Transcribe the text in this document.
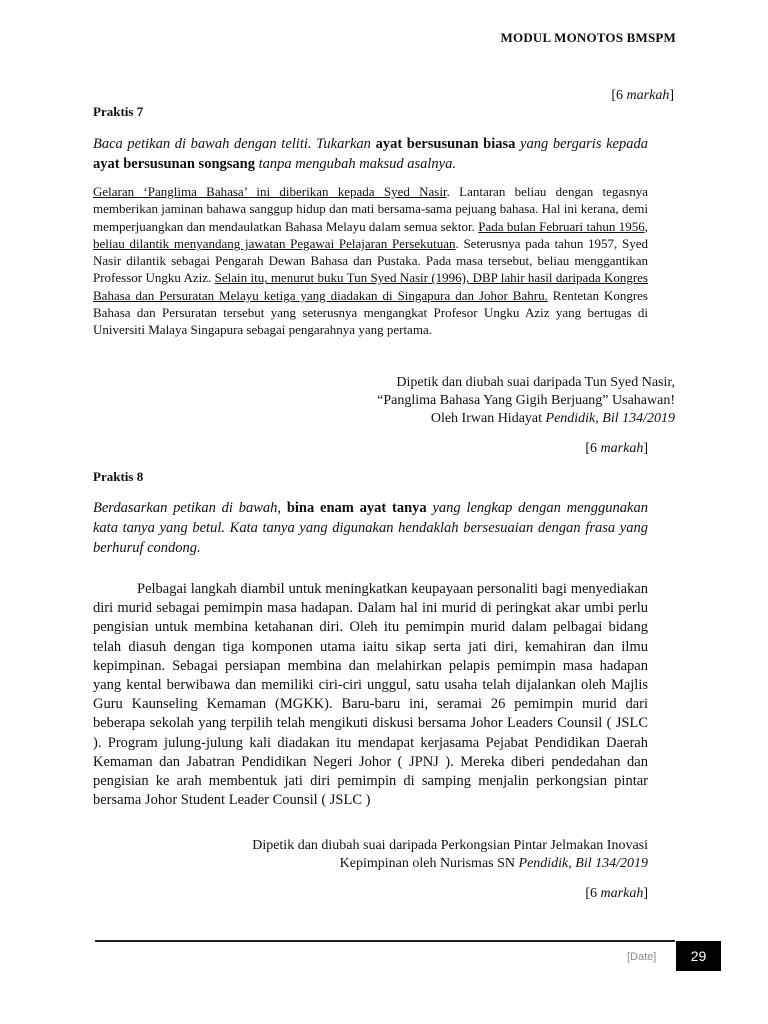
MODUL MONOTOS BMSPM
[6 markah]
Praktis 7
Baca petikan di bawah dengan teliti. Tukarkan ayat bersusunan biasa yang bergaris kepada ayat bersusunan songsang tanpa mengubah maksud asalnya.
Gelaran ‘Panglima Bahasa’ ini diberikan kepada Syed Nasir. Lantaran beliau dengan tegasnya memberikan jaminan bahawa sanggup hidup dan mati bersama-sama pejuang bahasa. Hal ini kerana, demi memperjuangkan dan mendaulatkan Bahasa Melayu dalam semua sektor. Pada bulan Februari tahun 1956, beliau dilantik menyandang jawatan Pegawai Pelajaran Persekutuan. Seterusnya pada tahun 1957, Syed Nasir dilantik sebagai Pengarah Dewan Bahasa dan Pustaka. Pada masa tersebut, beliau menggantikan Professor Ungku Aziz. Selain itu, menurut buku Tun Syed Nasir (1996), DBP lahir hasil daripada Kongres Bahasa dan Persuratan Melayu ketiga yang diadakan di Singapura dan Johor Bahru. Rentetan Kongres Bahasa dan Persuratan tersebut yang seterusnya mengangkat Profesor Ungku Aziz yang bertugas di Universiti Malaya Singapura sebagai pengarahnya yang pertama.
Dipetik dan diubah suai daripada Tun Syed Nasir,
“Panglima Bahasa Yang Gigih Berjuang” Usahawan!
Oleh Irwan Hidayat Pendidik, Bil 134/2019
[6 markah]
Praktis 8
Berdasarkan petikan di bawah, bina enam ayat tanya yang lengkap dengan menggunakan kata tanya yang betul. Kata tanya yang digunakan hendaklah bersesuaian dengan frasa yang berhuruf condong.
Pelbagai langkah diambil untuk meningkatkan keupayaan personaliti bagi menyediakan diri murid sebagai pemimpin masa hadapan. Dalam hal ini murid di peringkat akar umbi perlu pengisian untuk membina ketahanan diri. Oleh itu pemimpin murid dalam pelbagai bidang telah diasuh dengan tiga komponen utama iaitu sikap serta jati diri, kemahiran dan ilmu kepimpinan. Sebagai persiapan membina dan melahirkan pelapis pemimpin masa hadapan yang kental berwibawa dan memiliki ciri-ciri unggul, satu usaha telah dijalankan oleh Majlis Guru Kaunseling Kemaman (MGKK). Baru-baru ini, seramai 26 pemimpin murid dari beberapa sekolah yang terpilih telah mengikuti diskusi bersama Johor Leaders Counsil ( JSLC ). Program julung-julung kali diadakan itu mendapat kerjasama Pejabat Pendidikan Daerah Kemaman dan Jabatran Pendidikan Negeri Johor ( JPNJ ). Mereka diberi pendedahan dan pengisian ke arah membentuk jati diri pemimpin di samping menjalin perkongsian pintar bersama Johor Student Leader Counsil ( JSLC )
Dipetik dan diubah suai daripada Perkongsian Pintar Jelmakan Inovasi
Kepimpinan oleh Nurismas SN Pendidik, Bil 134/2019
[6 markah]
[Date]	29
